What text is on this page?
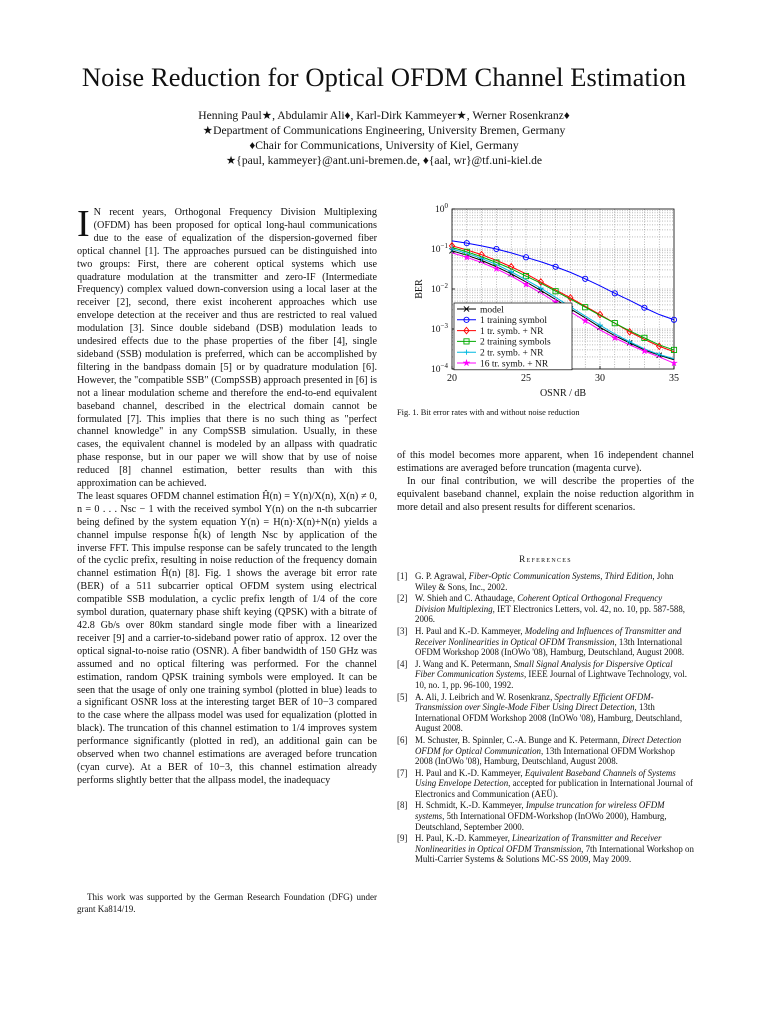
Noise Reduction for Optical OFDM Channel Estimation
Henning Paul★, Abdulamir Ali♦, Karl-Dirk Kammeyer★, Werner Rosenkranz♦
★Department of Communications Engineering, University Bremen, Germany
♦Chair for Communications, University of Kiel, Germany
★{paul, kammeyer}@ant.uni-bremen.de, ♦{aal, wr}@tf.uni-kiel.de

I N recent years, Orthogonal Frequency Division Multiplexing (OFDM) has been proposed for optical long-haul communications due to the ease of equalization of the dispersion-governed fiber optical channel [1]. The approaches pursued can be distinguished into two groups: First, there are coherent optical systems which use quadrature modulation at the transmitter and zero-IF (Intermediate Frequency) complex valued down-conversion using a local laser at the receiver [2], second, there exist incoherent approaches which use envelope detection at the receiver and thus are restricted to real valued modulation [3]. Since double sideband (DSB) modulation leads to undesired effects due to the phase properties of the fiber [4], single sideband (SSB) modulation is preferred, which can be accomplished by filtering in the bandpass domain [5] or by quadrature modulation [6]. However, the "compatible SSB" (CompSSB) approach presented in [6] is not a linear modulation scheme and therefore the end-to-end equivalent baseband channel, described in the electrical domain cannot be formulated [7]. This implies that there is no such thing as "perfect channel knowledge" in any CompSSB simulation. Usually, in these cases, the equivalent channel is modeled by an allpass with quadratic phase response, but in our paper we will show that by use of noise reduced [8] channel estimation, better results than with this approximation can be achieved.

The least squares OFDM channel estimation Ĥ(n) = Y(n)/X(n), X(n) ≠ 0, n = 0 . . . Nsc − 1 with the received symbol Y(n) on the n-th subcarrier being defined by the system equation Y(n) = H(n)·X(n)+N(n) yields a channel impulse response ĥ(k) of length Nsc by application of the inverse FFT. This impulse response can be safely truncated to the length of the cyclic prefix, resulting in noise reduction of the frequency domain channel estimation Ĥ(n) [8]. Fig. 1 shows the average bit error rate (BER) of a 511 subcarrier optical OFDM system using electrical compatible SSB modulation, a cyclic prefix length of 1/4 of the core symbol duration, quaternary phase shift keying (QPSK) with a bitrate of 42.8 Gb/s over 80km standard single mode fiber with a linearized receiver [9] and a carrier-to-sideband power ratio of approx. 12 over the optical signal-to-noise ratio (OSNR). A fiber bandwidth of 150 GHz was assumed and no optical filtering was performed. For the channel estimation, random QPSK training symbols were employed. It can be seen that the usage of only one training symbol (plotted in blue) leads to a significant OSNR loss at the interesting target BER of 10−3 compared to the case where the allpass model was used for equalization (plotted in black). The truncation of this channel estimation to 1/4 improves system performance significantly (plotted in red), an additional gain can be observed when two channel estimations are averaged before truncation (cyan curve). At a BER of 10−3, this channel estimation already performs slightly better that the allpass model, the inadequacy

This work was supported by the German Research Foundation (DFG) under grant Ka814/19.
20	25	30	35
$10^0$
$10^{-1}$
$10^{-2}$
$10^{-3}$
$10^{-4}$
OSNR / dB
BER
model
1 training symbol
1 tr. symb. + NR
2 training symbols
2 tr. symb. + NR
16 tr. symb. + NR
Fig. 1. Bit error rates with and without noise reduction

of this model becomes more apparent, when 16 independent channel estimations are averaged before truncation (magenta curve).

In our final contribution, we will describe the properties of the equivalent baseband channel, explain the noise reduction algorithm in more detail and also present results for different scenarios.

References
[1] G. P. Agrawal, Fiber-Optic Communication Systems, Third Edition, John Wiley & Sons, Inc., 2002.
[2] W. Shieh and C. Athaudage, Coherent Optical Orthogonal Frequency Division Multiplexing, IET Electronics Letters, vol. 42, no. 10, pp. 587-588, 2006.
[3] H. Paul and K.-D. Kammeyer, Modeling and Influences of Transmitter and Receiver Nonlinearities in Optical OFDM Transmission, 13th International OFDM Workshop 2008 (InOWo '08), Hamburg, Deutschland, August 2008.
[4] J. Wang and K. Petermann, Small Signal Analysis for Dispersive Optical Fiber Communication Systems, IEEE Journal of Lightwave Technology, vol. 10, no. 1, pp. 96-100, 1992.
[5] A. Ali, J. Leibrich and W. Rosenkranz, Spectrally Efficient OFDM-Transmission over Single-Mode Fiber Using Direct Detection, 13th International OFDM Workshop 2008 (InOWo '08), Hamburg, Deutschland, August 2008.
[6] M. Schuster, B. Spinnler, C.-A. Bunge and K. Petermann, Direct Detection OFDM for Optical Communication, 13th International OFDM Workshop 2008 (InOWo '08), Hamburg, Deutschland, August 2008.
[7] H. Paul and K.-D. Kammeyer, Equivalent Baseband Channels of Systems Using Envelope Detection, accepted for publication in International Journal of Electronics and Communication (AEÜ).
[8] H. Schmidt, K.-D. Kammeyer, Impulse truncation for wireless OFDM systems, 5th International OFDM-Workshop (InOWo 2000), Hamburg, Deutschland, September 2000.
[9] H. Paul, K.-D. Kammeyer, Linearization of Transmitter and Receiver Nonlinearities in Optical OFDM Transmission, 7th International Workshop on Multi-Carrier Systems & Solutions MC-SS 2009, May 2009.
